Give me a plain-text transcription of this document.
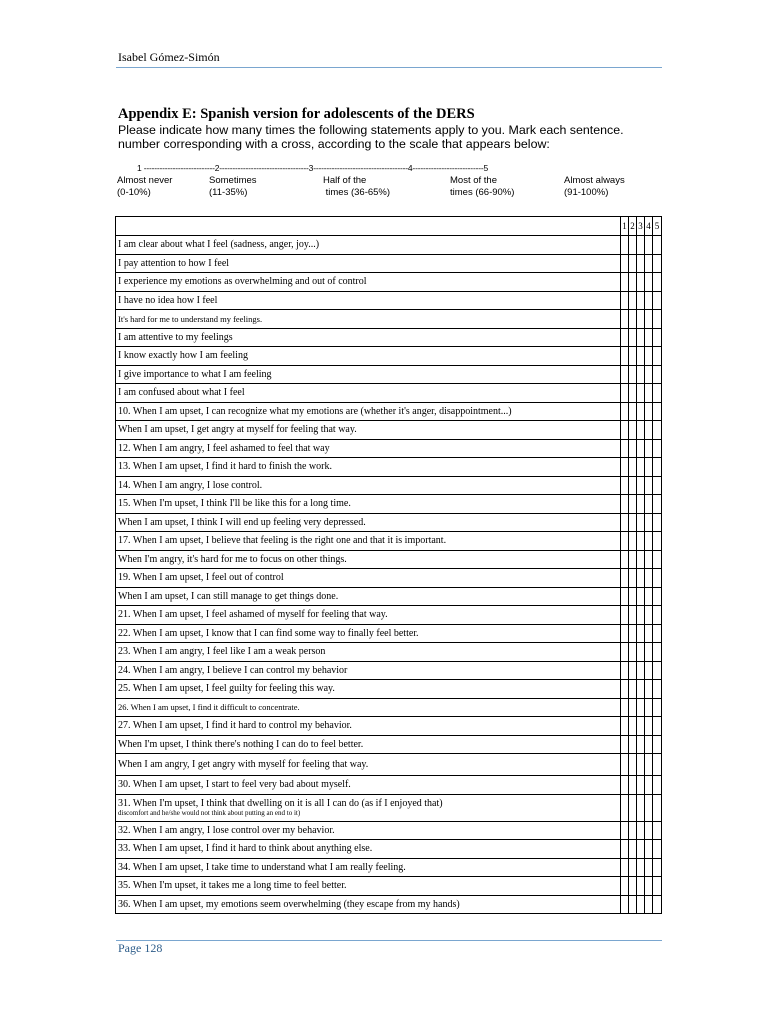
Isabel Gómez-Simón
Appendix E: Spanish version for adolescents of the DERS
Please indicate how many times the following statements apply to you. Mark each sentence.
number corresponding with a cross, according to the scale that appears below:
1 ---------------------------2----------------------------------3------------------------------------4---------------------------5
Almost never
(0-10%)
Sometimes
(11-35%)
Half of the
times (36-65%)
Most of the
times (66-90%)
Almost always
(91-100%)
	1	2	3	4	5
I am clear about what I feel (sadness, anger, joy...)					
I pay attention to how I feel					
I experience my emotions as overwhelming and out of control					
I have no idea how I feel					
It's hard for me to understand my feelings.					
I am attentive to my feelings					
I know exactly how I am feeling					
I give importance to what I am feeling					
I am confused about what I feel					
10. When I am upset, I can recognize what my emotions are (whether it's anger, disappointment...)					
When I am upset, I get angry at myself for feeling that way.					
12. When I am angry, I feel ashamed to feel that way					
13. When I am upset, I find it hard to finish the work.					
14. When I am angry, I lose control.					
15. When I'm upset, I think I'll be like this for a long time.					
When I am upset, I think I will end up feeling very depressed.					
17. When I am upset, I believe that feeling is the right one and that it is important.					
When I'm angry, it's hard for me to focus on other things.					
19. When I am upset, I feel out of control					
When I am upset, I can still manage to get things done.					
21. When I am upset, I feel ashamed of myself for feeling that way.					
22. When I am upset, I know that I can find some way to finally feel better.					
23. When I am angry, I feel like I am a weak person					
24. When I am angry, I believe I can control my behavior					
25. When I am upset, I feel guilty for feeling this way.					
26. When I am upset, I find it difficult to concentrate.					
27. When I am upset, I find it hard to control my behavior.					
When I'm upset, I think there's nothing I can do to feel better.					
When I am angry, I get angry with myself for feeling that way.					
30. When I am upset, I start to feel very bad about myself.					

31. When I'm upset, I think that dwelling on it is all I can do (as if I enjoyed that)
discomfort and he/she would not think about putting an end to it)					

32. When I am angry, I lose control over my behavior.					
33. When I am upset, I find it hard to think about anything else.					
34. When I am upset, I take time to understand what I am really feeling.					
35. When I'm upset, it takes me a long time to feel better.					
36. When I am upset, my emotions seem overwhelming (they escape from my hands)					
Page 128
